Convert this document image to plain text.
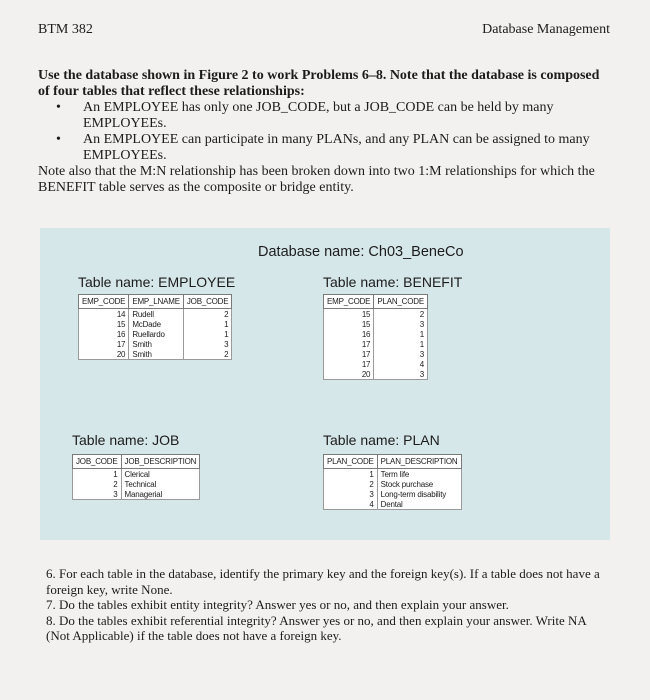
BTM 382	Database Management
Use the database shown in Figure 2 to work Problems 6–8. Note that the database is composed of four tables that reflect these relationships:
• An EMPLOYEE has only one JOB_CODE, but a JOB_CODE can be held by many EMPLOYEEs.
• An EMPLOYEE can participate in many PLANs, and any PLAN can be assigned to many EMPLOYEEs.
Note also that the M:N relationship has been broken down into two 1:M relationships for which the BENEFIT table serves as the composite or bridge entity.
Database name: Ch03_BeneCo
Table name: EMPLOYEE
EMP_CODE	EMP_LNAME	JOB_CODE
14	Rudell	2
15	McDade	1
16	Ruellardo	1
17	Smith	3
20	Smith	2
Table name: BENEFIT
EMP_CODE	PLAN_CODE
15	2
15	3
16	1
17	1
17	3
17	4
20	3
Table name: JOB
JOB_CODE	JOB_DESCRIPTION
1	Clerical
2	Technical
3	Managerial
Table name: PLAN
PLAN_CODE	PLAN_DESCRIPTION
1	Term life
2	Stock purchase
3	Long-term disability
4	Dental

6. For each table in the database, identify the primary key and the foreign key(s). If a table does not have a foreign key, write None.

7. Do the tables exhibit entity integrity? Answer yes or no, and then explain your answer.

8. Do the tables exhibit referential integrity? Answer yes or no, and then explain your answer. Write NA (Not Applicable) if the table does not have a foreign key.
